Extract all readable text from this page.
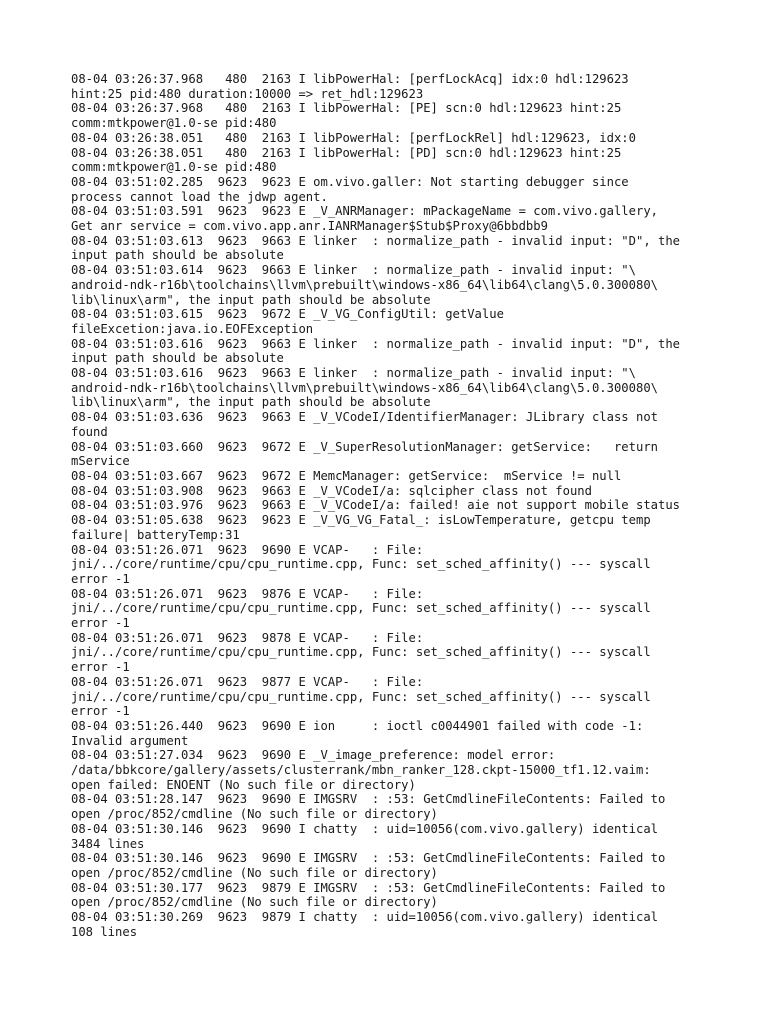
08-04 03:26:37.968   480  2163 I libPowerHal: [perfLockAcq] idx:0 hdl:129623
hint:25 pid:480 duration:10000 => ret_hdl:129623
08-04 03:26:37.968   480  2163 I libPowerHal: [PE] scn:0 hdl:129623 hint:25
comm:mtkpower@1.0-se pid:480
08-04 03:26:38.051   480  2163 I libPowerHal: [perfLockRel] hdl:129623, idx:0
08-04 03:26:38.051   480  2163 I libPowerHal: [PD] scn:0 hdl:129623 hint:25
comm:mtkpower@1.0-se pid:480
08-04 03:51:02.285  9623  9623 E om.vivo.galler: Not starting debugger since
process cannot load the jdwp agent.
08-04 03:51:03.591  9623  9623 E _V_ANRManager: mPackageName = com.vivo.gallery,
Get anr service = com.vivo.app.anr.IANRManager$Stub$Proxy@6bbdbb9
08-04 03:51:03.613  9623  9663 E linker  : normalize_path - invalid input: "D", the
input path should be absolute
08-04 03:51:03.614  9623  9663 E linker  : normalize_path - invalid input: "\
android-ndk-r16b\toolchains\llvm\prebuilt\windows-x86_64\lib64\clang\5.0.300080\
lib\linux\arm", the input path should be absolute
08-04 03:51:03.615  9623  9672 E _V_VG_ConfigUtil: getValue
fileExcetion:java.io.EOFException
08-04 03:51:03.616  9623  9663 E linker  : normalize_path - invalid input: "D", the
input path should be absolute
08-04 03:51:03.616  9623  9663 E linker  : normalize_path - invalid input: "\
android-ndk-r16b\toolchains\llvm\prebuilt\windows-x86_64\lib64\clang\5.0.300080\
lib\linux\arm", the input path should be absolute
08-04 03:51:03.636  9623  9663 E _V_VCodeI/IdentifierManager: JLibrary class not
found
08-04 03:51:03.660  9623  9672 E _V_SuperResolutionManager: getService:   return
mService
08-04 03:51:03.667  9623  9672 E MemcManager: getService:  mService != null
08-04 03:51:03.908  9623  9663 E _V_VCodeI/a: sqlcipher class not found
08-04 03:51:03.976  9623  9663 E _V_VCodeI/a: failed! aie not support mobile status
08-04 03:51:05.638  9623  9623 E _V_VG_VG_Fatal_: isLowTemperature, getcpu temp
failure| batteryTemp:31
08-04 03:51:26.071  9623  9690 E VCAP-   : File:
jni/../core/runtime/cpu/cpu_runtime.cpp, Func: set_sched_affinity() --- syscall
error -1
08-04 03:51:26.071  9623  9876 E VCAP-   : File:
jni/../core/runtime/cpu/cpu_runtime.cpp, Func: set_sched_affinity() --- syscall
error -1
08-04 03:51:26.071  9623  9878 E VCAP-   : File:
jni/../core/runtime/cpu/cpu_runtime.cpp, Func: set_sched_affinity() --- syscall
error -1
08-04 03:51:26.071  9623  9877 E VCAP-   : File:
jni/../core/runtime/cpu/cpu_runtime.cpp, Func: set_sched_affinity() --- syscall
error -1
08-04 03:51:26.440  9623  9690 E ion     : ioctl c0044901 failed with code -1:
Invalid argument
08-04 03:51:27.034  9623  9690 E _V_image_preference: model error:
/data/bbkcore/gallery/assets/clusterrank/mbn_ranker_128.ckpt-15000_tf1.12.vaim:
open failed: ENOENT (No such file or directory)
08-04 03:51:28.147  9623  9690 E IMGSRV  : :53: GetCmdlineFileContents: Failed to
open /proc/852/cmdline (No such file or directory)
08-04 03:51:30.146  9623  9690 I chatty  : uid=10056(com.vivo.gallery) identical
3484 lines
08-04 03:51:30.146  9623  9690 E IMGSRV  : :53: GetCmdlineFileContents: Failed to
open /proc/852/cmdline (No such file or directory)
08-04 03:51:30.177  9623  9879 E IMGSRV  : :53: GetCmdlineFileContents: Failed to
open /proc/852/cmdline (No such file or directory)
08-04 03:51:30.269  9623  9879 I chatty  : uid=10056(com.vivo.gallery) identical
108 lines
